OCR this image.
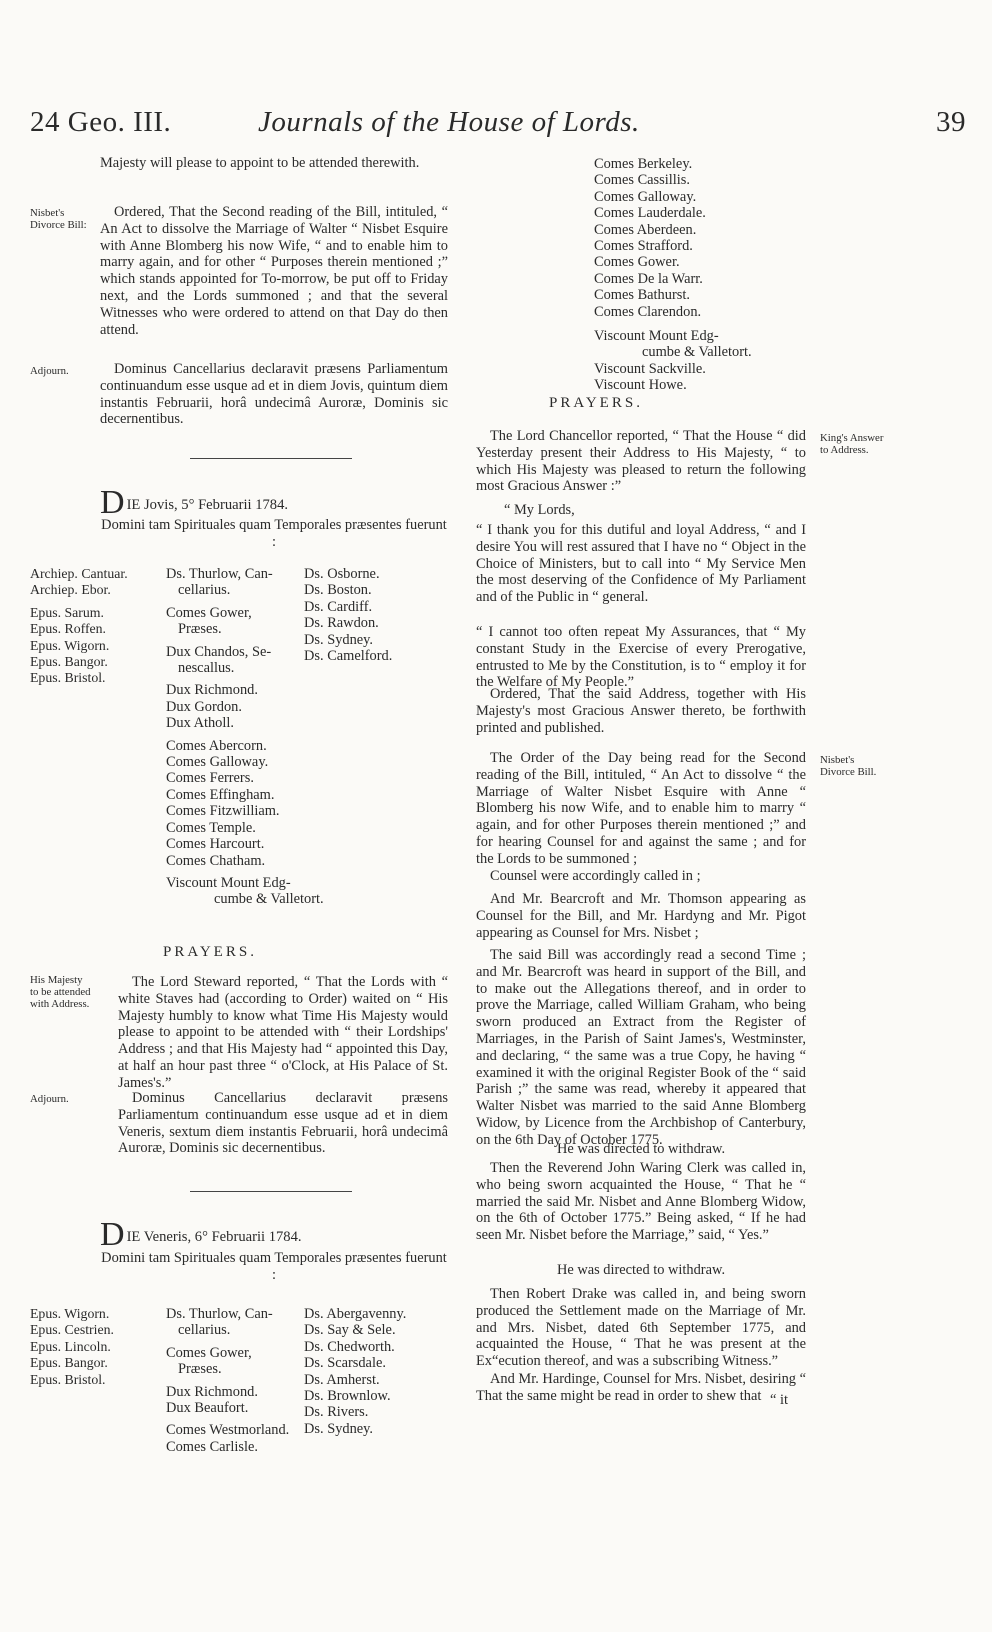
24 Geo. III.	Journals of the House of Lords.	39

Majesty will please to appoint to be attended therewith.

Nisbet's Divorce Bill:

Ordered, That the Second reading of the Bill, intituled, “ An Act to dissolve the Marriage of Walter “ Nisbet Esquire with Anne Blomberg his now Wife, “ and to enable him to marry again, and for other “ Purposes therein mentioned ;” which stands appointed for To-morrow, be put off to Friday next, and the Lords summoned ; and that the several Witnesses who were ordered to attend on that Day do then attend.

Adjourn.	Dominus Cancellarius declaravit præsens Parliamentum continuandum esse usque ad et in diem Jovis, quintum diem instantis Februarii, horâ undecimâ Auroræ, Dominis sic decernentibus.

DIE Jovis, 5° Februarii 1784.

Domini tam Spirituales quam Temporales præsentes fuerunt :

Archiep. Cantuar.
Archiep. Ebor.
Epus. Sarum.
Epus. Roffen.
Epus. Wigorn.
Epus. Bangor.
Epus. Bristol.
Ds. Thurlow, Can-
cellarius.
Comes Gower,
Præses.
Dux Chandos, Se-
nescallus.
Dux Richmond.
Dux Gordon.
Dux Atholl.
Comes Abercorn.
Comes Galloway.
Comes Ferrers.
Comes Effingham.
Comes Fitzwilliam.
Comes Temple.
Comes Harcourt.
Comes Chatham.
Viscount Mount Edg-
cumbe & Valletort.
Ds. Osborne.
Ds. Boston.
Ds. Cardiff.
Ds. Rawdon.
Ds. Sydney.
Ds. Camelford.

PRAYERS.

His Majesty to be attended with Address.

The Lord Steward reported, “ That the Lords with “ white Staves had (according to Order) waited on “ His Majesty humbly to know what Time His Majesty would please to appoint to be attended with “ their Lordships' Address ; and that His Majesty had “ appointed this Day, at half an hour past three “ o'Clock, at His Palace of St. James's.”

Adjourn.	Dominus Cancellarius declaravit præsens Parliamentum continuandum esse usque ad et in diem Veneris, sextum diem instantis Februarii, horâ undecimâ Auroræ, Dominis sic decernentibus.

DIE Veneris, 6° Februarii 1784.

Domini tam Spirituales quam Temporales præsentes fuerunt :

Epus. Wigorn.
Epus. Cestrien.
Epus. Lincoln.
Epus. Bangor.
Epus. Bristol.
Ds. Thurlow, Can-
cellarius.
Comes Gower,
Præses.
Dux Richmond.
Dux Beaufort.
Comes Westmorland.
Comes Carlisle.
Ds. Abergavenny.
Ds. Say & Sele.
Ds. Chedworth.
Ds. Scarsdale.
Ds. Amherst.
Ds. Brownlow.
Ds. Rivers.
Ds. Sydney.
Comes Berkeley.
Comes Cassillis.
Comes Galloway.
Comes Lauderdale.
Comes Aberdeen.
Comes Strafford.
Comes Gower.
Comes De la Warr.
Comes Bathurst.
Comes Clarendon.
Viscount Mount Edg-
cumbe & Valletort.
Viscount Sackville.
Viscount Howe.

PRAYERS.

The Lord Chancellor reported, “ That the House “ did Yesterday present their Address to His Majesty, “ to which His Majesty was pleased to return the following most Gracious Answer :”

King's Answer to Address.

“ My Lords,

“ I thank you for this dutiful and loyal Address, “ and I desire You will rest assured that I have no “ Object in the Choice of Ministers, but to call into “ My Service Men the most deserving of the Confidence of My Parliament and of the Public in “ general.

“ I cannot too often repeat My Assurances, that “ My constant Study in the Exercise of every Prerogative, entrusted to Me by the Constitution, is to “ employ it for the Welfare of My People.”

Ordered, That the said Address, together with His Majesty's most Gracious Answer thereto, be forthwith printed and published.

The Order of the Day being read for the Second reading of the Bill, intituled, “ An Act to dissolve “ the Marriage of Walter Nisbet Esquire with Anne “ Blomberg his now Wife, and to enable him to marry “ again, and for other Purposes therein mentioned ;” and for hearing Counsel for and against the same ; and for the Lords to be summoned ;

Nisbet's Divorce Bill.

Counsel were accordingly called in ;

And Mr. Bearcroft and Mr. Thomson appearing as Counsel for the Bill, and Mr. Hardyng and Mr. Pigot appearing as Counsel for Mrs. Nisbet ;

The said Bill was accordingly read a second Time ; and Mr. Bearcroft was heard in support of the Bill, and to make out the Allegations thereof, and in order to prove the Marriage, called William Graham, who being sworn produced an Extract from the Register of Marriages, in the Parish of Saint James's, Westminster, and declaring, “ the same was a true Copy, he having “ examined it with the original Register Book of the “ said Parish ;” the same was read, whereby it appeared that Walter Nisbet was married to the said Anne Blomberg Widow, by Licence from the Archbishop of Canterbury, on the 6th Day of October 1775.

He was directed to withdraw.

Then the Reverend John Waring Clerk was called in, who being sworn acquainted the House, “ That he “ married the said Mr. Nisbet and Anne Blomberg Widow, on the 6th of October 1775.” Being asked, “ If he had seen Mr. Nisbet before the Marriage,” said, “ Yes.”

He was directed to withdraw.

Then Robert Drake was called in, and being sworn produced the Settlement made on the Marriage of Mr. and Mrs. Nisbet, dated 6th September 1775, and acquainted the House, “ That he was present at the Ex“ecution thereof, and was a subscribing Witness.”

And Mr. Hardinge, Counsel for Mrs. Nisbet, desiring “ That the same might be read in order to shew that “ it
